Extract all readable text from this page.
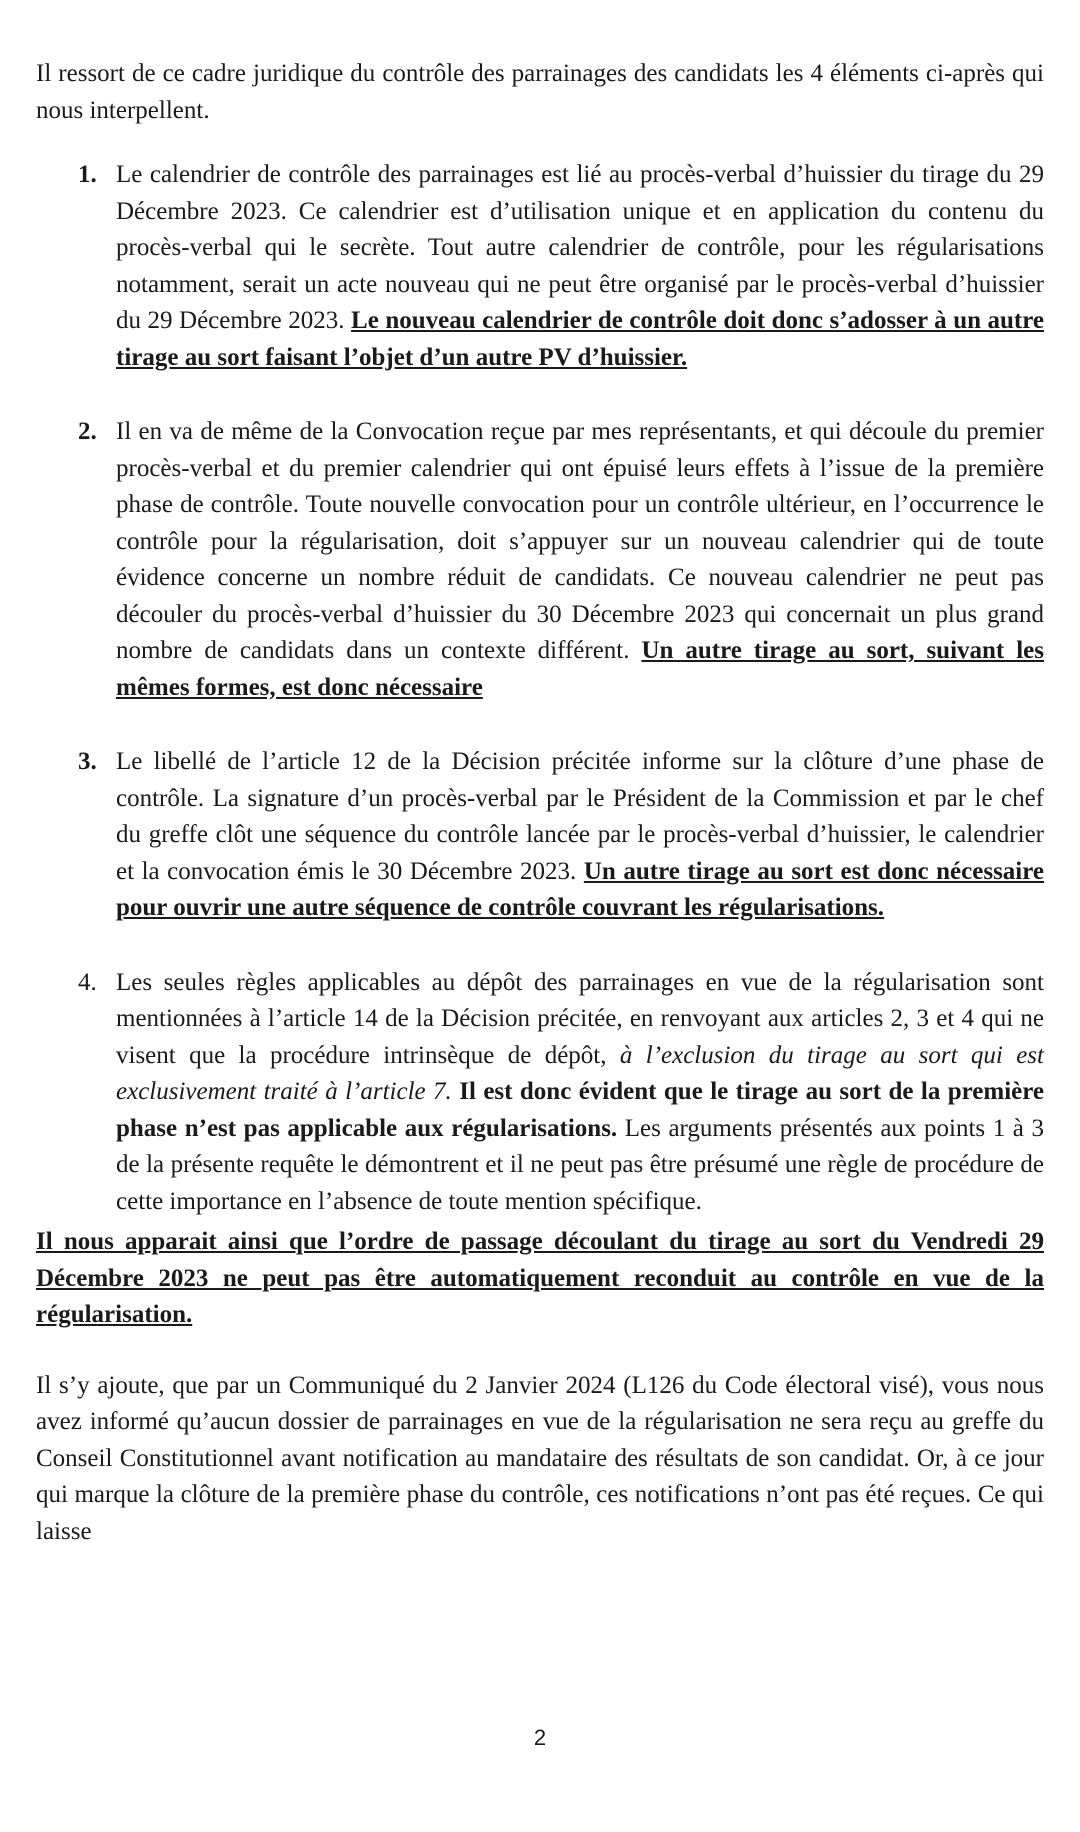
Il ressort de ce cadre juridique du contrôle des parrainages des candidats les 4 éléments ci-après qui nous interpellent.

1. Le calendrier de contrôle des parrainages est lié au procès-verbal d’huissier du tirage du 29 Décembre 2023. Ce calendrier est d’utilisation unique et en application du contenu du procès-verbal qui le secrète. Tout autre calendrier de contrôle, pour les régularisations notamment, serait un acte nouveau qui ne peut être organisé par le procès-verbal d’huissier du 29 Décembre 2023. Le nouveau calendrier de contrôle doit donc s’adosser à un autre tirage au sort faisant l’objet d’un autre PV d’huissier.
2. Il en va de même de la Convocation reçue par mes représentants, et qui découle du premier procès-verbal et du premier calendrier qui ont épuisé leurs effets à l’issue de la première phase de contrôle. Toute nouvelle convocation pour un contrôle ultérieur, en l’occurrence le contrôle pour la régularisation, doit s’appuyer sur un nouveau calendrier qui de toute évidence concerne un nombre réduit de candidats. Ce nouveau calendrier ne peut pas découler du procès-verbal d’huissier du 30 Décembre 2023 qui concernait un plus grand nombre de candidats dans un contexte différent. Un autre tirage au sort, suivant les mêmes formes, est donc nécessaire
3. Le libellé de l’article 12 de la Décision précitée informe sur la clôture d’une phase de contrôle. La signature d’un procès-verbal par le Président de la Commission et par le chef du greffe clôt une séquence du contrôle lancée par le procès-verbal d’huissier, le calendrier et la convocation émis le 30 Décembre 2023. Un autre tirage au sort est donc nécessaire pour ouvrir une autre séquence de contrôle couvrant les régularisations.
4. Les seules règles applicables au dépôt des parrainages en vue de la régularisation sont mentionnées à l’article 14 de la Décision précitée, en renvoyant aux articles 2, 3 et 4 qui ne visent que la procédure intrinsèque de dépôt, à l’exclusion du tirage au sort qui est exclusivement traité à l’article 7. Il est donc évident que le tirage au sort de la première phase n’est pas applicable aux régularisations. Les arguments présentés aux points 1 à 3 de la présente requête le démontrent et il ne peut pas être présumé une règle de procédure de cette importance en l’absence de toute mention spécifique.

Il nous apparait ainsi que l’ordre de passage découlant du tirage au sort du Vendredi 29 Décembre 2023 ne peut pas être automatiquement reconduit au contrôle en vue de la régularisation.

Il s’y ajoute, que par un Communiqué du 2 Janvier 2024 (L126 du Code électoral visé), vous nous avez informé qu’aucun dossier de parrainages en vue de la régularisation ne sera reçu au greffe du Conseil Constitutionnel avant notification au mandataire des résultats de son candidat. Or, à ce jour qui marque la clôture de la première phase du contrôle, ces notifications n’ont pas été reçues. Ce qui laisse

2
